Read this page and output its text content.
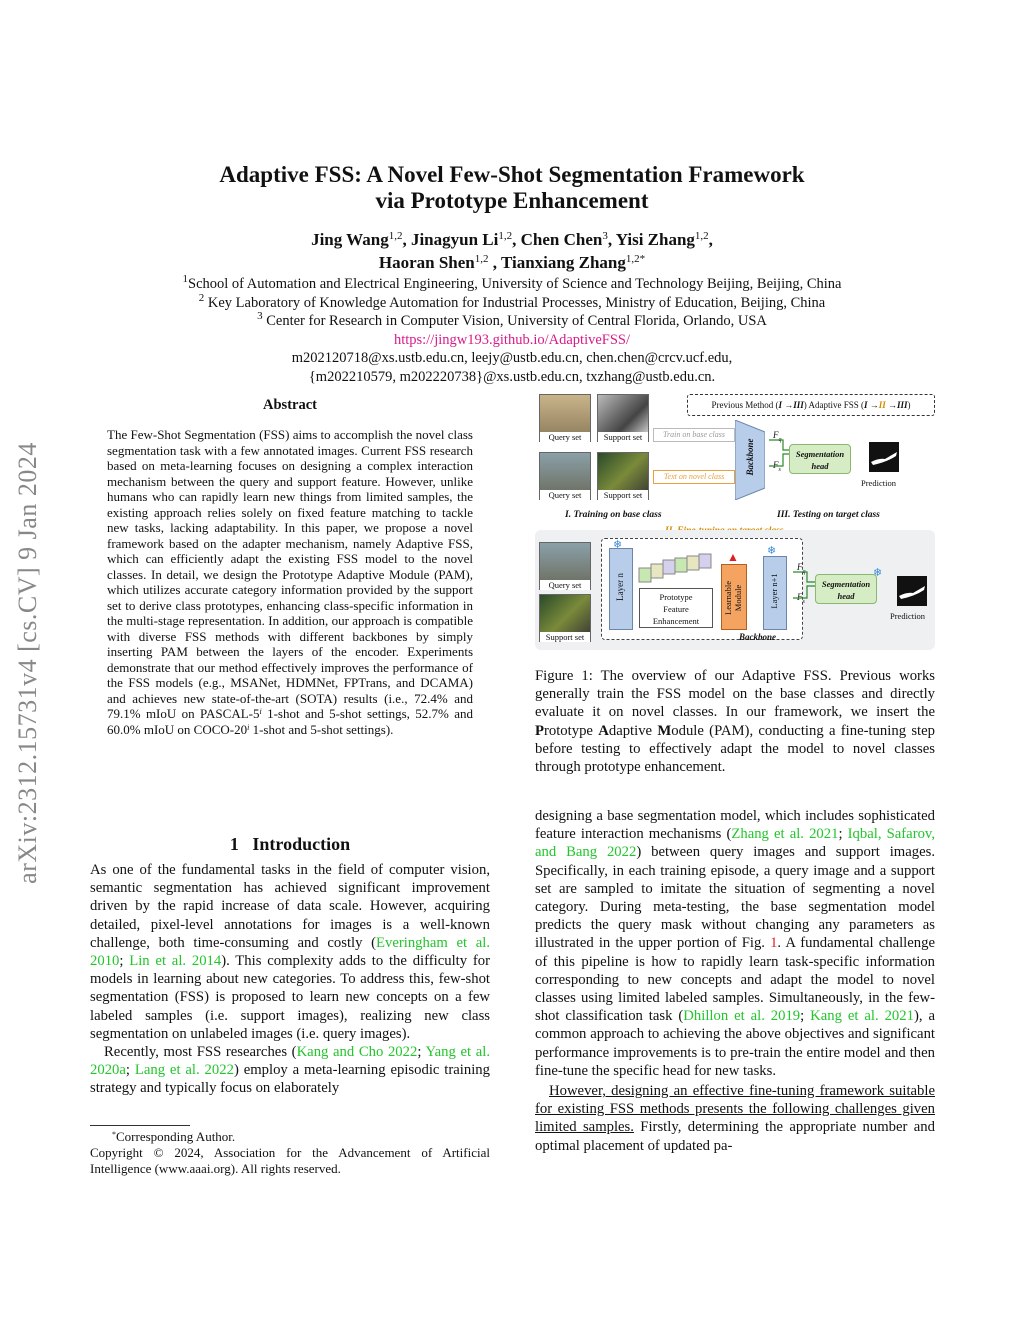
arXiv:2312.15731v4 [cs.CV] 9 Jan 2024
Adaptive FSS: A Novel Few-Shot Segmentation Framework
via Prototype Enhancement
Jing Wang$^{1,2}$, Jinagyun Li$^{1,2}$, Chen Chen$^3$, Yisi Zhang$^{1,2}$,
Haoran Shen$^{1,2}$ , Tianxiang Zhang$^{1,2*}$
$^1$School of Automation and Electrical Engineering, University of Science and Technology Beijing, Beijing, China
$^2$ Key Laboratory of Knowledge Automation for Industrial Processes, Ministry of Education, Beijing, China
$^3$ Center for Research in Computer Vision, University of Central Florida, Orlando, USA
https://jingw193.github.io/AdaptiveFSS/
m202120718@xs.ustb.edu.cn, leejy@ustb.edu.cn, chen.chen@crcv.ucf.edu,
{m202210579, m202220738}@xs.ustb.edu.cn, txzhang@ustb.edu.cn.
Abstract
The Few-Shot Segmentation (FSS) aims to accomplish the novel class segmentation task with a few annotated images. Current FSS research based on meta-learning focuses on designing a complex interaction mechanism between the query and support feature. However, unlike humans who can rapidly learn new things from limited samples, the existing approach relies solely on fixed feature matching to tackle new tasks, lacking adaptability. In this paper, we propose a novel framework based on the adapter mechanism, namely Adaptive FSS, which can efficiently adapt the existing FSS model to the novel classes. In detail, we design the Prototype Adaptive Module (PAM), which utilizes accurate category information provided by the support set to derive class prototypes, enhancing class-specific information in the multi-stage representation. In addition, our approach is compatible with diverse FSS methods with different backbones by simply inserting PAM between the layers of the encoder. Experiments demonstrate that our method effectively improves the performance of the FSS models (e.g., MSANet, HDMNet, FPTrans, and DCAMA) and achieves new state-of-the-art (SOTA) results (i.e., 72.4% and 79.1% mIoU on PASCAL-5$^i$ 1-shot and 5-shot settings, 52.7% and 60.0% mIoU on COCO-20$^i$ 1-shot and 5-shot settings).
1 Introduction
As one of the fundamental tasks in the field of computer vision, semantic segmentation has achieved significant improvement driven by the rapid increase of data scale. However, acquiring detailed, pixel-level annotations for images is a well-known challenge, both time-consuming and costly (Everingham et al. 2010; Lin et al. 2014). This complexity adds to the difficulty for models in learning about new categories. To address this, few-shot segmentation (FSS) is proposed to learn new concepts on a few labeled samples (i.e. support images), realizing new class segmentation on unlabeled images (i.e. query images).
Recently, most FSS researches (Kang and Cho 2022; Yang et al. 2020a; Lang et al. 2022) employ a meta-learning episodic training strategy and typically focus on elaborately
*Corresponding Author.
Copyright © 2024, Association for the Advancement of Artificial Intelligence (www.aaai.org). All rights reserved.
Previous Method (I →III) Adaptive FSS (I →II →III)
Query set	Support set
Query set	Support set
Train on base class
Text on novel class
Backbone
$F_q$
$F_s$
Segmentation
head
Prediction
I. Training on base class	III. Testing on target class
Query set
Support set
Layer n	Prototype
Feature
Enhancement
Learnable Module
▲
Layer n+1
❄
❄
Backbone
$F_q$
$F_s$
Segmentation
head
❄
Prediction
Figure 1: The overview of our Adaptive FSS. Previous works generally train the FSS model on the base classes and directly evaluate it on novel classes. In our framework, we insert the Prototype Adaptive Module (PAM), conducting a fine-tuning step before testing to effectively adapt the model to novel classes through prototype enhancement.
designing a base segmentation model, which includes sophisticated feature interaction mechanisms (Zhang et al. 2021; Iqbal, Safarov, and Bang 2022) between query images and support images. Specifically, in each training episode, a query image and a support set are sampled to imitate the situation of segmenting a novel category. During meta-testing, the base segmentation model predicts the query mask without changing any parameters as illustrated in the upper portion of Fig. 1. A fundamental challenge of this pipeline is how to rapidly learn task-specific information corresponding to new concepts and adapt the model to novel classes using limited labeled samples. Simultaneously, in the few-shot classification task (Dhillon et al. 2019; Kang et al. 2021), a common approach to achieving the above objectives and significant performance improvements is to pre-train the entire model and then fine-tune the specific head for new tasks.
However, designing an effective fine-tuning framework suitable for existing FSS methods presents the following challenges given limited samples. Firstly, determining the appropriate number and optimal placement of updated pa-
